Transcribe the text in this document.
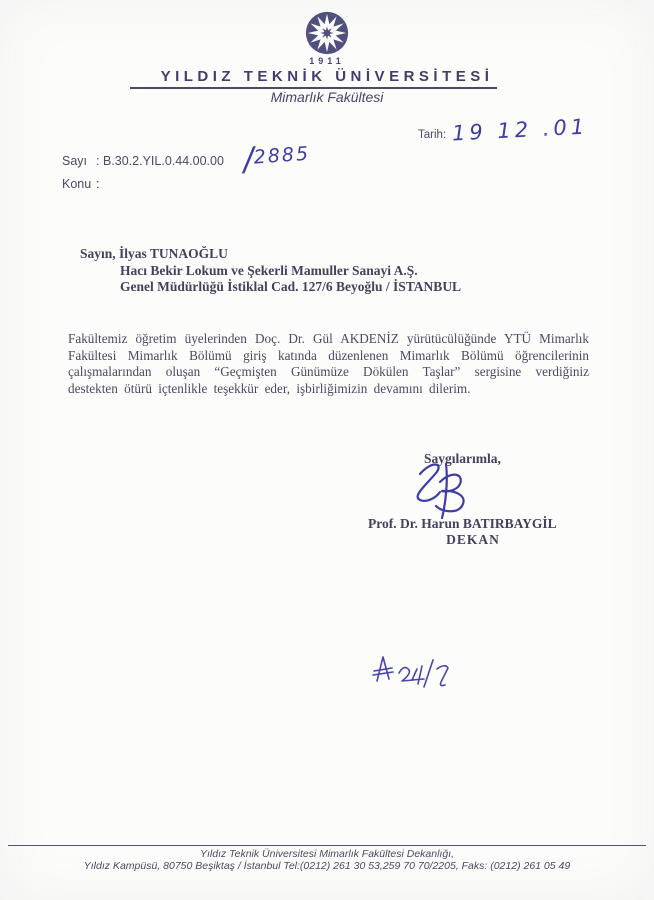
1911
YILDIZ TEKNİK ÜNİVERSİTESİ
Mimarlık Fakültesi
Tarih: 19 12 .01
Sayı : B.30.2.YIL.0.44.00.00 /2885
Konu :
Sayın, İlyas TUNAOĞLU
Hacı Bekir Lokum ve Şekerli Mamuller Sanayi A.Ş.
Genel Müdürlüğü İstiklal Cad. 127/6 Beyoğlu / İSTANBUL
Fakültemiz öğretim üyelerinden Doç. Dr. Gül AKDENİZ yürütücülüğünde YTÜ Mimarlık Fakültesi Mimarlık Bölümü giriş katında düzenlenen Mimarlık Bölümü öğrencilerinin çalışmalarından oluşan “Geçmişten Günümüze Dökülen Taşlar” sergisine verdiğiniz destekten ötürü içtenlikle teşekkür eder, işbirliğimizin devamını dilerim.
Saygılarımla,
Prof. Dr. Harun BATIRBAYGİL
DEKAN
Yıldız Teknik Üniversitesi Mimarlık Fakültesi Dekanlığı,
Yıldız Kampüsü, 80750 Beşiktaş / İstanbul Tel:(0212) 261 30 53,259 70 70/2205, Faks: (0212) 261 05 49
